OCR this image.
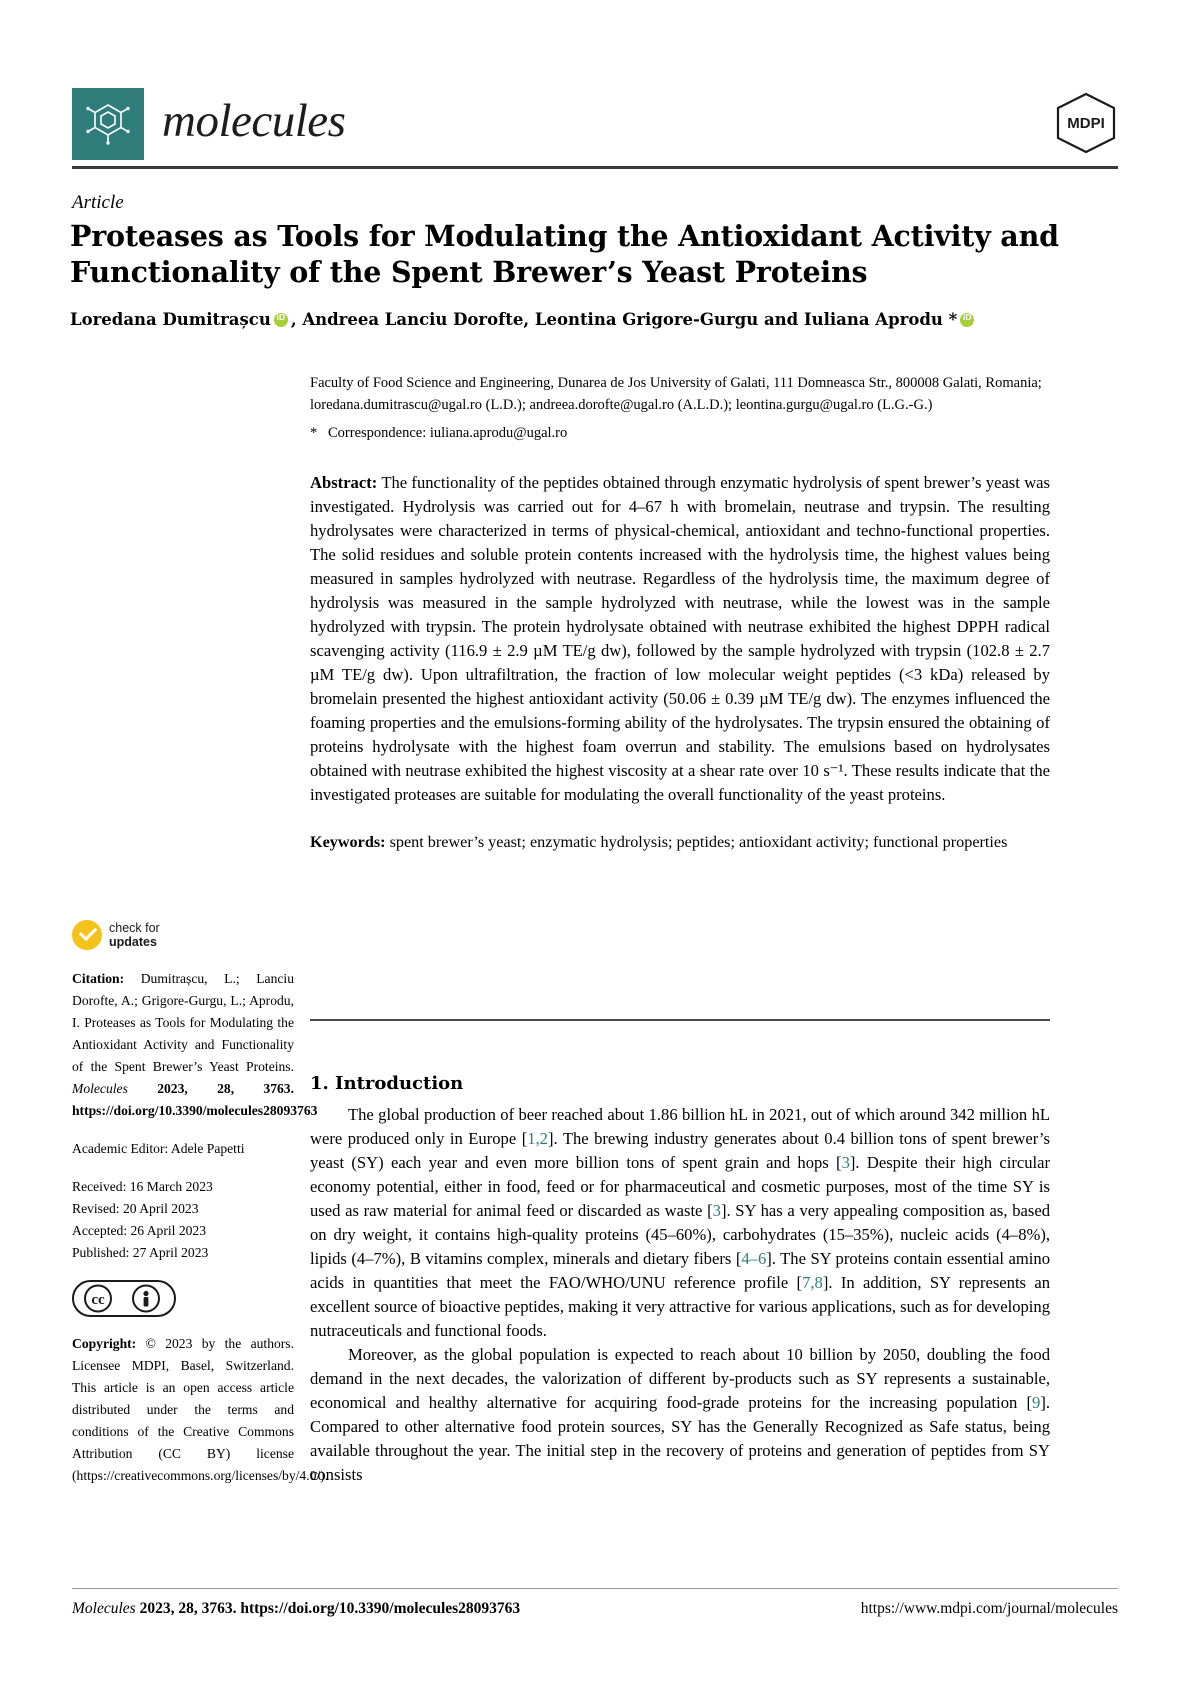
molecules	MDPI
Article
Proteases as Tools for Modulating the Antioxidant Activity and Functionality of the Spent Brewer’s Yeast Proteins
Loredana Dumitrașcu iD , Andreea Lanciu Dorofte, Leontina Grigore-Gurgu and Iuliana Aprodu *
iD
Faculty of Food Science and Engineering, Dunarea de Jos University of Galati, 111 Domneasca Str., 800008 Galati, Romania; loredana.dumitrascu@ugal.ro (L.D.); andreea.dorofte@ugal.ro (A.L.D.); leontina.gurgu@ugal.ro (L.G.-G.)
* Correspondence: iuliana.aprodu@ugal.ro
Abstract: The functionality of the peptides obtained through enzymatic hydrolysis of spent brewer’s yeast was investigated. Hydrolysis was carried out for 4–67 h with bromelain, neutrase and trypsin. The resulting hydrolysates were characterized in terms of physical-chemical, antioxidant and techno-functional properties. The solid residues and soluble protein contents increased with the hydrolysis time, the highest values being measured in samples hydrolyzed with neutrase. Regardless of the hydrolysis time, the maximum degree of hydrolysis was measured in the sample hydrolyzed with neutrase, while the lowest was in the sample hydrolyzed with trypsin. The protein hydrolysate obtained with neutrase exhibited the highest DPPH radical scavenging activity (116.9 ± 2.9 µM TE/g dw), followed by the sample hydrolyzed with trypsin (102.8 ± 2.7 µM TE/g dw). Upon ultrafiltration, the fraction of low molecular weight peptides (<3 kDa) released by bromelain presented the highest antioxidant activity (50.06 ± 0.39 µM TE/g dw). The enzymes influenced the foaming properties and the emulsions-forming ability of the hydrolysates. The trypsin ensured the obtaining of proteins hydrolysate with the highest foam overrun and stability. The emulsions based on hydrolysates obtained with neutrase exhibited the highest viscosity at a shear rate over 10 s⁻¹. These results indicate that the investigated proteases are suitable for modulating the overall functionality of the yeast proteins.
Keywords: spent brewer’s yeast; enzymatic hydrolysis; peptides; antioxidant activity; functional properties
1. Introduction

The global production of beer reached about 1.86 billion hL in 2021, out of which around 342 million hL were produced only in Europe [1,2]. The brewing industry generates about 0.4 billion tons of spent brewer’s yeast (SY) each year and even more billion tons of spent grain and hops [3]. Despite their high circular economy potential, either in food, feed or for pharmaceutical and cosmetic purposes, most of the time SY is used as raw material for animal feed or discarded as waste [3]. SY has a very appealing composition as, based on dry weight, it contains high-quality proteins (45–60%), carbohydrates (15–35%), nucleic acids (4–8%), lipids (4–7%), B vitamins complex, minerals and dietary fibers [4–6]. The SY proteins contain essential amino acids in quantities that meet the FAO/WHO/UNU reference profile [7,8]. In addition, SY represents an excellent source of bioactive peptides, making it very attractive for various applications, such as for developing nutraceuticals and functional foods.

Moreover, as the global population is expected to reach about 10 billion by 2050, doubling the food demand in the next decades, the valorization of different by-products such as SY represents a sustainable, economical and healthy alternative for acquiring food-grade proteins for the increasing population [9]. Compared to other alternative food protein sources, SY has the Generally Recognized as Safe status, being available throughout the year. The initial step in the recovery of proteins and generation of peptides from SY consists

check for
updates
Citation: Dumitrașcu, L.; Lanciu Dorofte, A.; Grigore-Gurgu, L.; Aprodu, I. Proteases as Tools for Modulating the Antioxidant Activity and Functionality of the Spent Brewer’s Yeast Proteins. Molecules 2023, 28, 3763. https://doi.org/10.3390/molecules28093763
Academic Editor: Adele Papetti
Received: 16 March 2023
Revised: 20 April 2023
Accepted: 26 April 2023
Published: 27 April 2023
cc
Copyright: © 2023 by the authors. Licensee MDPI, Basel, Switzerland. This article is an open access article distributed under the terms and conditions of the Creative Commons Attribution (CC BY) license (https://creativecommons.org/licenses/by/4.0/).
Molecules 2023, 28, 3763. https://doi.org/10.3390/molecules28093763	https://www.mdpi.com/journal/molecules
